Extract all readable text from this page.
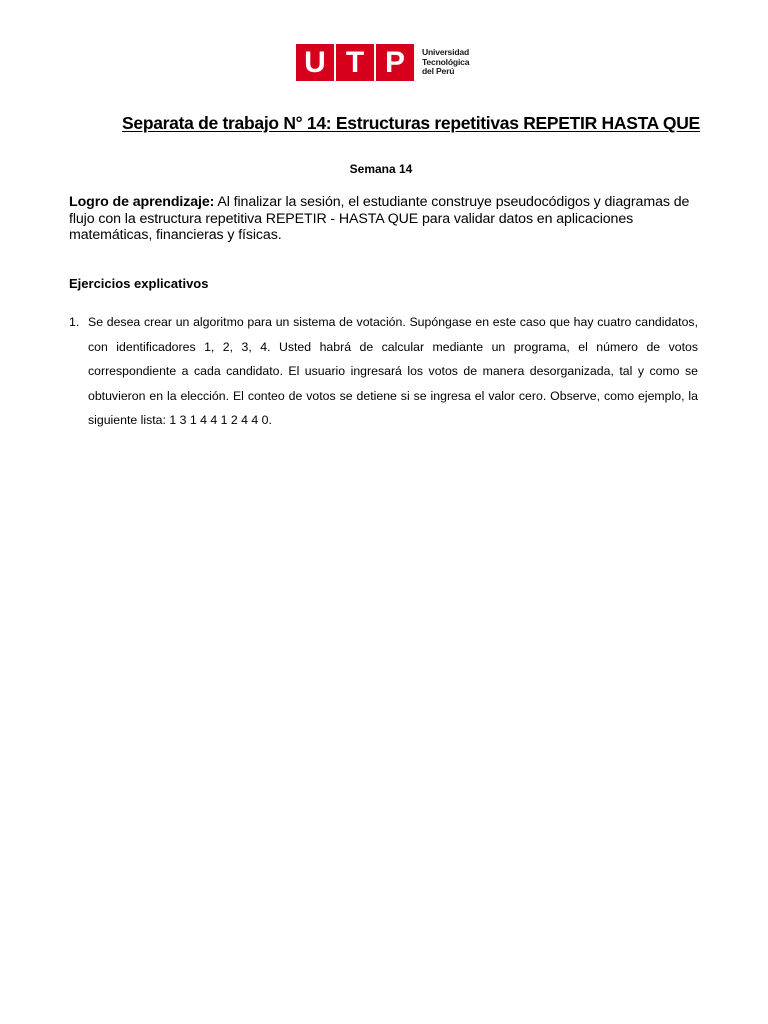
U T P	Universidad
Tecnológica
del Perú
Separata de trabajo N° 14: Estructuras repetitivas REPETIR HASTA QUE
Semana 14
Logro de aprendizaje: Al finalizar la sesión, el estudiante construye pseudocódigos y diagramas de flujo con la estructura repetitiva REPETIR - HASTA QUE para validar datos en aplicaciones matemáticas, financieras y físicas.
Ejercicios explicativos
1. Se desea crear un algoritmo para un sistema de votación. Supóngase en este caso que hay cuatro candidatos, con identificadores 1, 2, 3, 4. Usted habrá de calcular mediante un programa, el número de votos correspondiente a cada candidato. El usuario ingresará los votos de manera desorganizada, tal y como se obtuvieron en la elección. El conteo de votos se detiene si se ingresa el valor cero. Observe, como ejemplo, la siguiente lista: 1 3 1 4 4 1 2 4 4 0.
